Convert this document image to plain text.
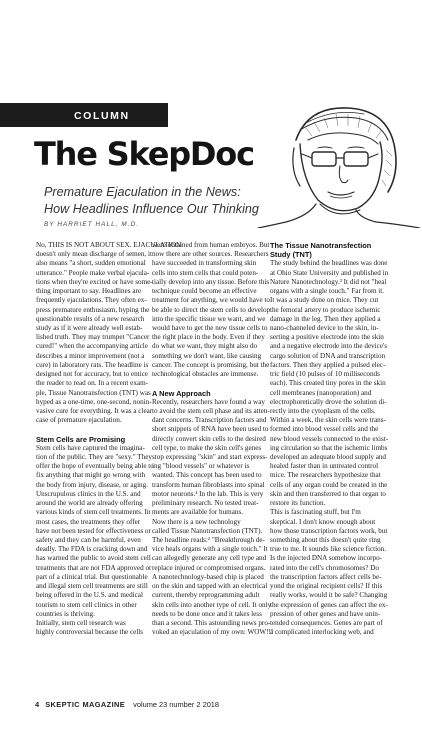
COLUMN
The SkepDoc
Premature Ejaculation in the News:
How Headlines Influence Our Thinking
BY HARRIET HALL, M.D.
No, THIS IS NOT ABOUT SEX. EJACULATION
doesn't only mean discharge of semen, it
also means "a short, sudden emotional
utterance." People make verbal ejacula-
tions when they're excited or have some-
thing important to say. Headlines are
frequently ejaculations. They often ex-
press premature enthusiasm, hyping the
questionable results of a new research
study as if it were already well estab-
lished truth. They may trumpet "Cancer
cured!" when the accompanying article
describes a minor improvement (not a
cure) in laboratory rats. The headline is
designed not for accuracy, but to entice
the reader to read on. In a recent exam-
ple, Tissue Nanotransfection (TNT) was
hyped as a one-time, one-second, nonin-
vasive cure for everything. It was a clear
case of premature ejaculation.
Stem Cells are Promising
Stem cells have captured the imagina-
tion of the public. They are "sexy." They
offer the hope of eventually being able to
fix anything that might go wrong with
the body from injury, disease, or aging.
Unscrupulous clinics in the U.S. and
around the world are already offering
various kinds of stem cell treatments. In
most cases, the treatments they offer
have not been tested for effectiveness or
safety and they can be harmful, even
deadly. The FDA is cracking down and
has warned the public to avoid stem cell
treatments that are not FDA approved or
part of a clinical trial. But questionable
and illegal stem cell treatments are still
being offered in the U.S. and medical
tourism to stem cell clinics in other
countries is thriving.
Initially, stem cell research was
highly controversial because the cells
were obtained from human embryos. But
now there are other sources. Researchers
have succeeded in transforming skin
cells into stem cells that could poten-
tially develop into any tissue. Before this
technique could become an effective
treatment for anything, we would have to
be able to direct the stem cells to develop
into the specific tissue we want, and we
would have to get the new tissue cells to
the right place in the body. Even if they
do what we want, they might also do
something we don't want, like causing
cancer. The concept is promising, but the
technological obstacles are immense.
A New Approach
Recently, researchers have found a way
to avoid the stem cell phase and its atten-
dant concerns. Transcription factors and
short snippets of RNA have been used to
directly convert skin cells to the desired
cell type, to make the skin cell's genes
stop expressing "skin" and start express-
ing "blood vessels" or whatever is
wanted. This concept has been used to
transform human fibroblasts into spinal
motor neurons.¹ In the lab. This is very
preliminary research. No tested treat-
ments are available for humans.
Now there is a new technology
called Tissue Nanotransfection (TNT).
The headline reads:² "Breakthrough de-
vice heals organs with a single touch." It
can allegedly generate any cell type and
replace injured or compromised organs.
A nanotechnology-based chip is placed
on the skin and tapped with an electrical
current, thereby reprogramming adult
skin cells into another type of cell. It only
needs to be done once and it takes less
than a second. This astounding news pro-
voked an ejaculation of my own: WOW!!!
The Tissue Nanotransfection
Study (TNT)
The study behind the headlines was done
at Ohio State University and published in
Nature Nanotechnology.³ It did not "heal
organs with a single touch." Far from it.
It was a study done on mice. They cut
the femoral artery to produce ischemic
damage in the leg. Then they applied a
nano-channeled device to the skin, in-
serting a positive electrode into the skin
and a negative electrode into the device's
cargo solution of DNA and transcription
factors. Then they applied a pulsed elec-
tric field (10 pulses of 10 milliseconds
each). This created tiny pores in the skin
cell membranes (nanoporation) and
electrophoretically drove the solution di-
rectly into the cytoplasm of the cells.
Within a week, the skin cells were trans-
formed into blood vessel cells and the
new blood vessels connected to the exist-
ing circulation so that the ischemic limbs
developed an adequate blood supply and
healed faster than in untreated control
mice. The researchers hypothesize that
cells of any organ could be created in the
skin and then transferred to that organ to
restore its function.
This is fascinating stuff, but I'm
skeptical. I don't know enough about
how those transcription factors work, but
something about this doesn't quite ring
true to me. It sounds like science fiction.
Is the injected DNA somehow incorpo-
rated into the cell's chromosomes? Do
the transcription factors affect cells be-
yond the original recipient cells? If this
really works, would it be safe? Changing
the expression of genes can affect the ex-
pression of other genes and have unin-
tended consequences. Genes are part of
a complicated interlocking web, and
4 SKEPTIC MAGAZINE volume 23 number 2 2018
